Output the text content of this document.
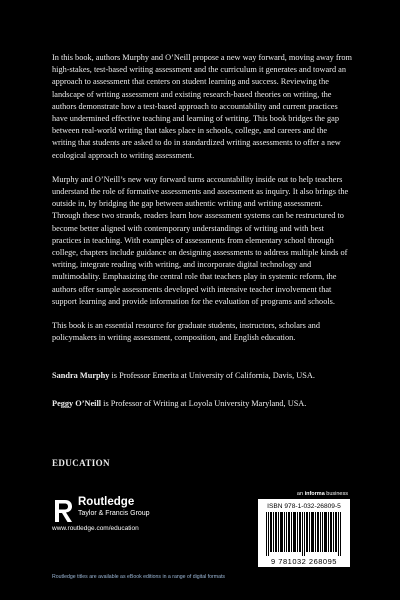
In this book, authors Murphy and O’Neill propose a new way forward, moving away from high-stakes, test-based writing assessment and the curriculum it generates and toward an approach to assessment that centers on student learning and success. Reviewing the landscape of writing assessment and existing research-based theories on writing, the authors demonstrate how a test-based approach to accountability and current practices have undermined effective teaching and learning of writing. This book bridges the gap between real-world writing that takes place in schools, college, and careers and the writing that students are asked to do in standardized writing assessments to offer a new ecological approach to writing assessment.

Murphy and O’Neill’s new way forward turns accountability inside out to help teachers understand the role of formative assessments and assessment as inquiry. It also brings the outside in, by bridging the gap between authentic writing and writing assessment. Through these two strands, readers learn how assessment systems can be restructured to become better aligned with contemporary understandings of writing and with best practices in teaching. With examples of assessments from elementary school through college, chapters include guidance on designing assessments to address multiple kinds of writing, integrate reading with writing, and incorporate digital technology and multimodality. Emphasizing the central role that teachers play in systemic reform, the authors offer sample assessments developed with intensive teacher involvement that support learning and provide information for the evaluation of programs and schools.

This book is an essential resource for graduate students, instructors, scholars and policymakers in writing assessment, composition, and English education.

Sandra Murphy is Professor Emerita at University of California, Davis, USA.

Peggy O’Neill is Professor of Writing at Loyola University Maryland, USA.

EDUCATION
Routledge
Taylor & Francis Group
www.routledge.com/education
an informa business
ISBN 978-1-032-26809-5
9 781032 268095
Routledge titles are available as eBook editions in a range of digital formats
